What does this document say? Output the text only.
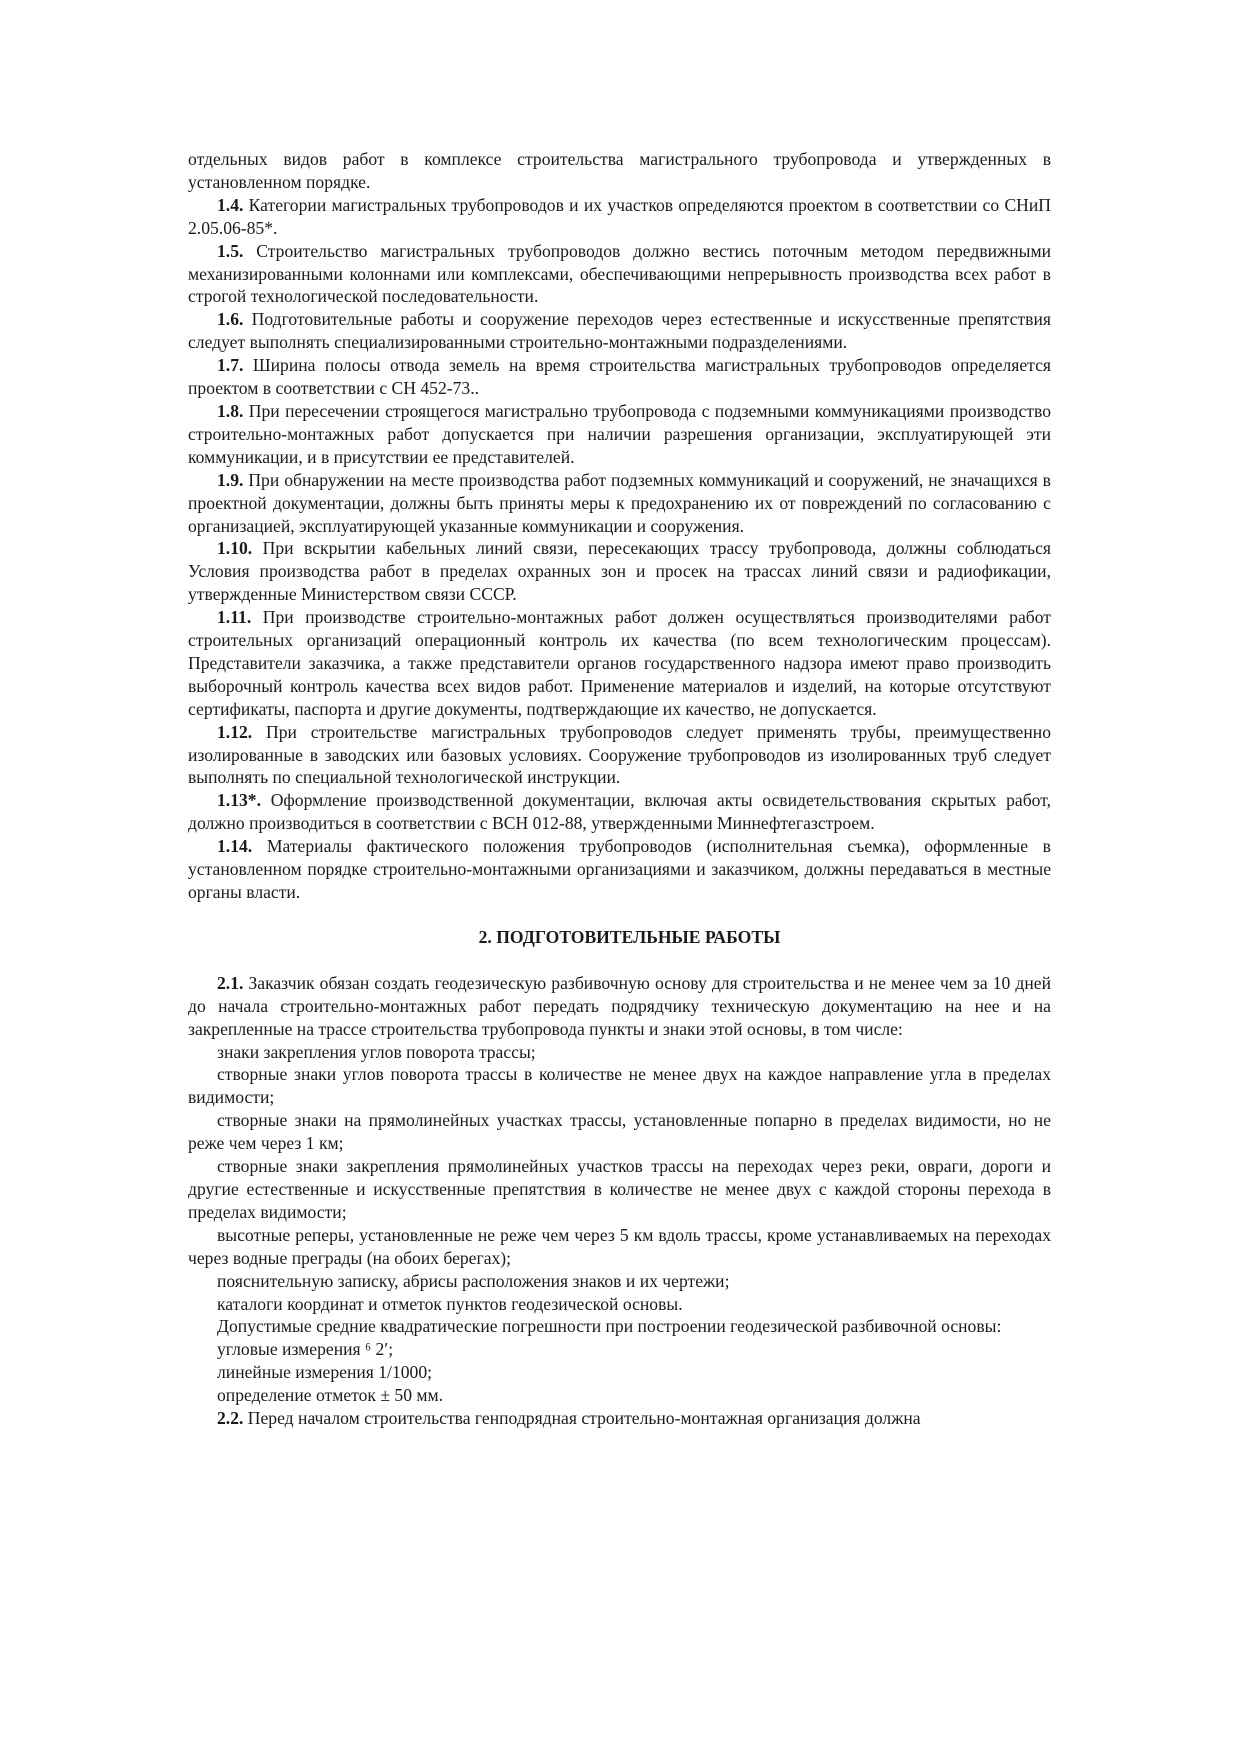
отдельных видов работ в комплексе строительства магистрального трубопровода и утвержденных в установленном порядке.

1.4. Категории магистральных трубопроводов и их участков определяются проектом в соответствии со СНиП 2.05.06-85*.

1.5. Строительство магистральных трубопроводов должно вестись поточным методом передвижными механизированными колоннами или комплексами, обеспечивающими непрерывность производства всех работ в строгой технологической последовательности.

1.6. Подготовительные работы и сооружение переходов через естественные и искусственные препятствия следует выполнять специализированными строительно-монтажными подразделениями.

1.7. Ширина полосы отвода земель на время строительства магистральных трубопроводов определяется проектом в соответствии с СН 452-73..

1.8. При пересечении строящегося магистрально трубопровода с подземными коммуникациями производство строительно-монтажных работ допускается при наличии разрешения организации, эксплуатирующей эти коммуникации, и в присутствии ее представителей.

1.9. При обнаружении на месте производства работ подземных коммуникаций и сооружений, не значащихся в проектной документации, должны быть приняты меры к предохранению их от повреждений по согласованию с организацией, эксплуатирующей указанные коммуникации и сооружения.

1.10. При вскрытии кабельных линий связи, пересекающих трассу трубопровода, должны соблюдаться Условия производства работ в пределах охранных зон и просек на трассах линий связи и радиофикации, утвержденные Министерством связи СССР.

1.11. При производстве строительно-монтажных работ должен осуществляться производителями работ строительных организаций операционный контроль их качества (по всем технологическим процессам). Представители заказчика, а также представители органов государственного надзора имеют право производить выборочный контроль качества всех видов работ. Применение материалов и изделий, на которые отсутствуют сертификаты, паспорта и другие документы, подтверждающие их качество, не допускается.

1.12. При строительстве магистральных трубопроводов следует применять трубы, преимущественно изолированные в заводских или базовых условиях. Сооружение трубопроводов из изолированных труб следует выполнять по специальной технологической инструкции.

1.13*. Оформление производственной документации, включая акты освидетельствования скрытых работ, должно производиться в соответствии с ВСН 012-88, утвержденными Миннефтегазстроем.

1.14. Материалы фактического положения трубопроводов (исполнительная съемка), оформленные в установленном порядке строительно-монтажными организациями и заказчиком, должны передаваться в местные органы власти.

2. ПОДГОТОВИТЕЛЬНЫЕ РАБОТЫ

2.1. Заказчик обязан создать геодезическую разбивочную основу для строительства и не менее чем за 10 дней до начала строительно-монтажных работ передать подрядчику техническую документацию на нее и на закрепленные на трассе строительства трубопровода пункты и знаки этой основы, в том числе:

знаки закрепления углов поворота трассы;

створные знаки углов поворота трассы в количестве не менее двух на каждое направление угла в пределах видимости;

створные знаки на прямолинейных участках трассы, установленные попарно в пределах видимости, но не реже чем через 1 км;

створные знаки закрепления прямолинейных участков трассы на переходах через реки, овраги, дороги и другие естественные и искусственные препятствия в количестве не менее двух с каждой стороны перехода в пределах видимости;

высотные реперы, установленные не реже чем через 5 км вдоль трассы, кроме устанавливаемых на переходах через водные преграды (на обоих берегах);

пояснительную записку, абрисы расположения знаков и их чертежи;

каталоги координат и отметок пунктов геодезической основы.

Допустимые средние квадратические погрешности при построении геодезической разбивочной основы:

угловые измерения ⁶ 2′;

линейные измерения 1/1000;

определение отметок ± 50 мм.

2.2. Перед началом строительства генподрядная строительно-монтажная организация должна
